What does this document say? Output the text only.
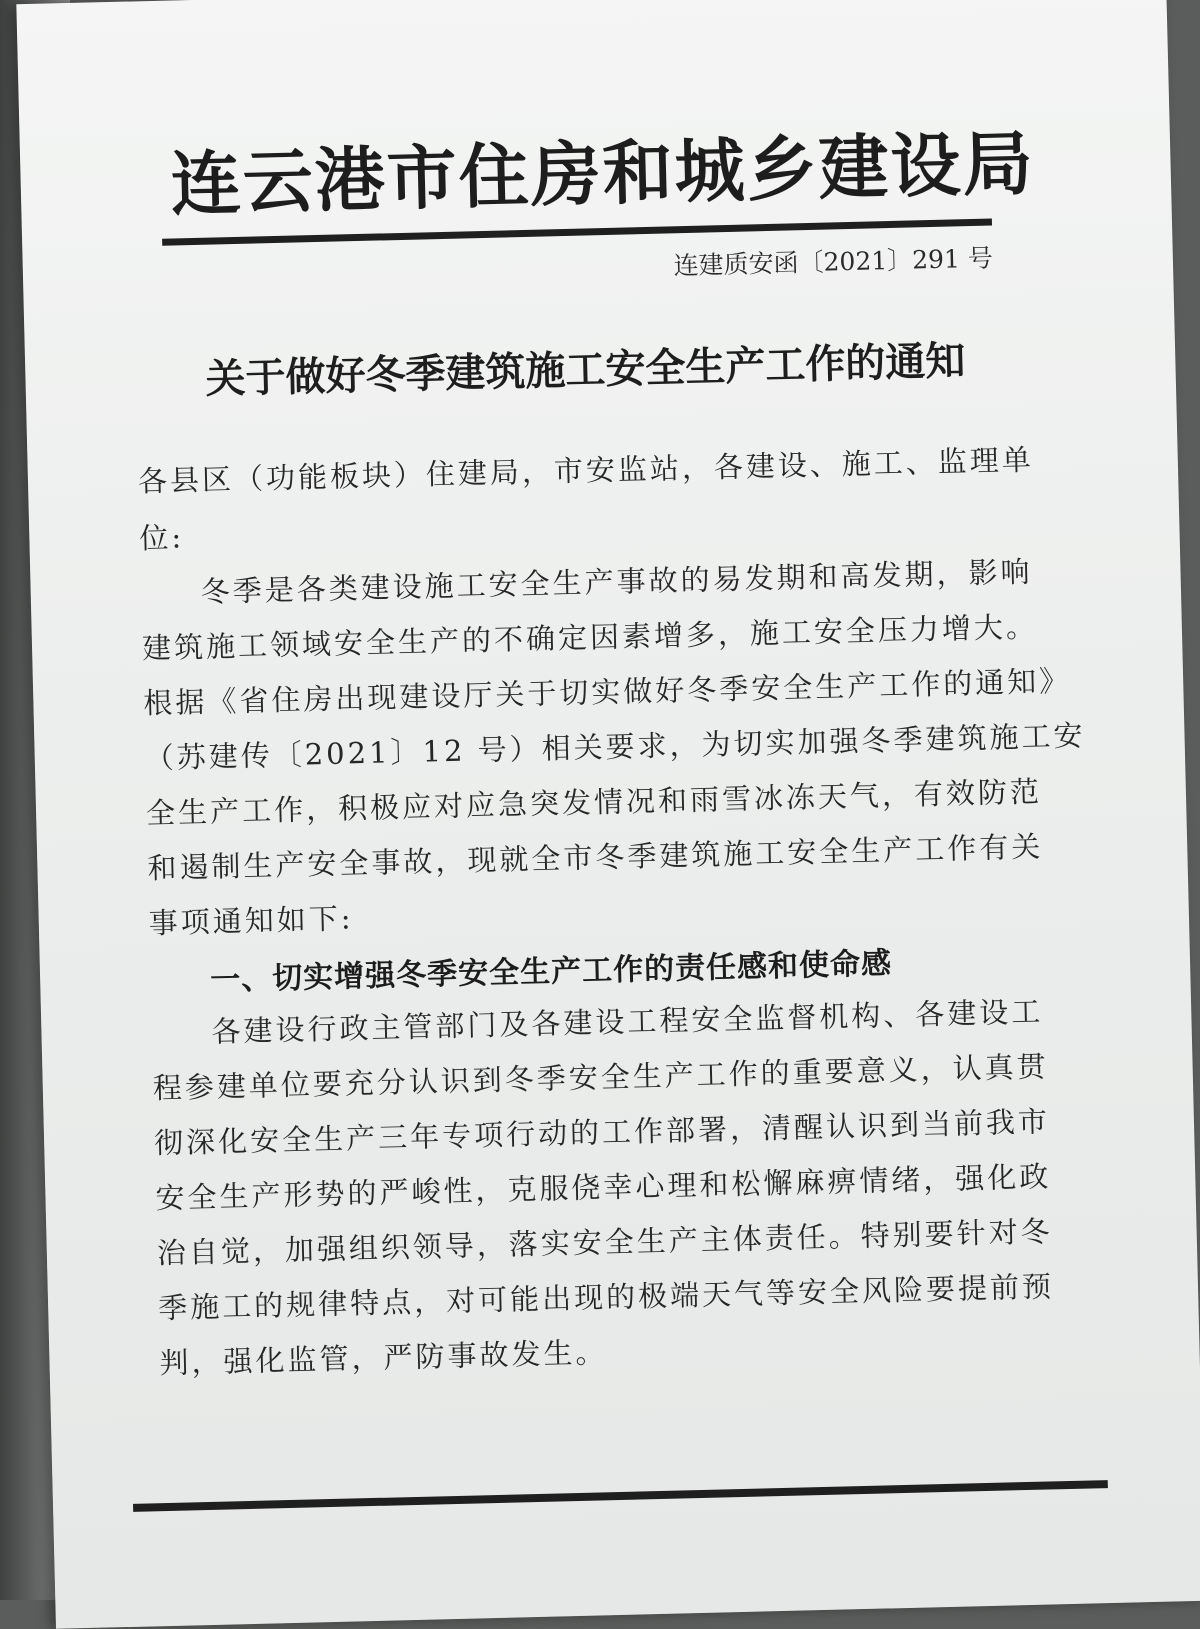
连云港市住房和城乡建设局
连建质安函〔2021〕291 号
关于做好冬季建筑施工安全生产工作的通知
各县区（功能板块）住建局，市安监站，各建设、施工、监理单
位:
冬季是各类建设施工安全生产事故的易发期和高发期，影响
建筑施工领域安全生产的不确定因素增多，施工安全压力增大。
根据《省住房出现建设厅关于切实做好冬季安全生产工作的通知》
（苏建传〔2021〕12 号）相关要求，为切实加强冬季建筑施工安
全生产工作，积极应对应急突发情况和雨雪冰冻天气，有效防范
和遏制生产安全事故，现就全市冬季建筑施工安全生产工作有关
事项通知如下:
一、切实增强冬季安全生产工作的责任感和使命感
各建设行政主管部门及各建设工程安全监督机构、各建设工
程参建单位要充分认识到冬季安全生产工作的重要意义，认真贯
彻深化安全生产三年专项行动的工作部署，清醒认识到当前我市
安全生产形势的严峻性，克服侥幸心理和松懈麻痹情绪，强化政
治自觉，加强组织领导，落实安全生产主体责任。特别要针对冬
季施工的规律特点，对可能出现的极端天气等安全风险要提前预
判，强化监管，严防事故发生。
